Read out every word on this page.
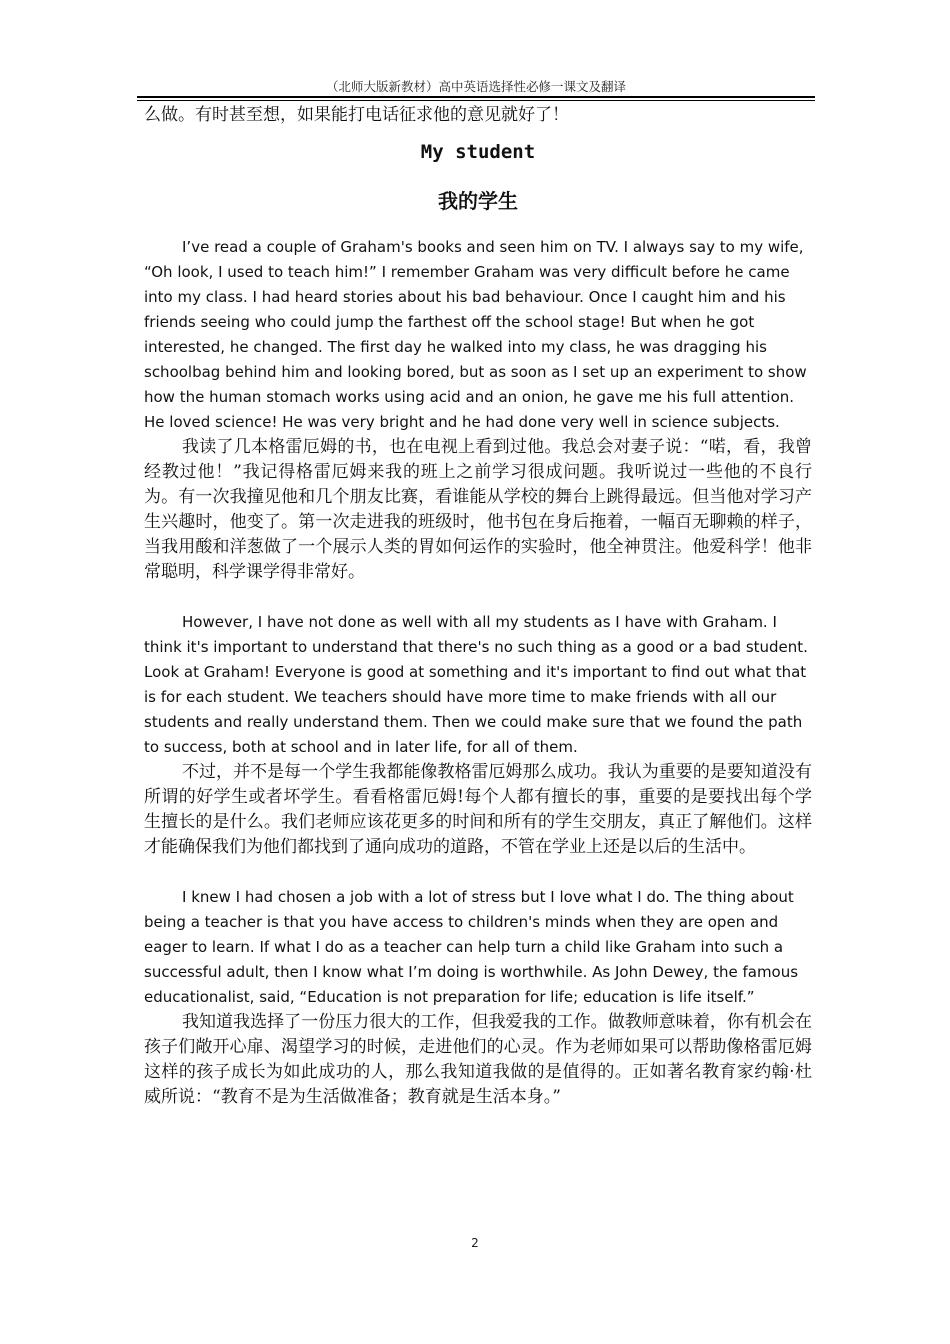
（北师大版新教材）高中英语选择性必修一课文及翻译

么做。有时甚至想，如果能打电话征求他的意见就好了！

My student
我的学生

I’ve read a couple of Graham's books and seen him on TV. I always say to my wife, “Oh look, I used to teach him!” I remember Graham was very difficult before he came into my class. I had heard stories about his bad behaviour. Once I caught him and his friends seeing who could jump the farthest off the school stage! But when he got interested, he changed. The first day he walked into my class, he was dragging his schoolbag behind him and looking bored, but as soon as I set up an experiment to show how the human stomach works using acid and an onion, he gave me his full attention. He loved science! He was very bright and he had done very well in science subjects.

我读了几本格雷厄姆的书，也在电视上看到过他。我总会对妻子说：“喏，看，我曾经教过他！”我记得格雷厄姆来我的班上之前学习很成问题。我听说过一些他的不良行为。有一次我撞见他和几个朋友比赛，看谁能从学校的舞台上跳得最远。但当他对学习产生兴趣时，他变了。第一次走进我的班级时，他书包在身后拖着，一幅百无聊赖的样子，当我用酸和洋葱做了一个展示人类的胃如何运作的实验时，他全神贯注。他爱科学！他非常聪明，科学课学得非常好。

However, I have not done as well with all my students as I have with Graham. I think it's important to understand that there's no such thing as a good or a bad student. Look at Graham! Everyone is good at something and it's important to find out what that is for each student. We teachers should have more time to make friends with all our students and really understand them. Then we could make sure that we found the path to success, both at school and in later life, for all of them.

不过，并不是每一个学生我都能像教格雷厄姆那么成功。我认为重要的是要知道没有所谓的好学生或者坏学生。看看格雷厄姆!每个人都有擅长的事，重要的是要找出每个学生擅长的是什么。我们老师应该花更多的时间和所有的学生交朋友，真正了解他们。这样才能确保我们为他们都找到了通向成功的道路，不管在学业上还是以后的生活中。

I knew I had chosen a job with a lot of stress but I love what I do. The thing about being a teacher is that you have access to children's minds when they are open and eager to learn. If what I do as a teacher can help turn a child like Graham into such a successful adult, then I know what I’m doing is worthwhile. As John Dewey, the famous educationalist, said, “Education is not preparation for life; education is life itself.”

我知道我选择了一份压力很大的工作，但我爱我的工作。做教师意味着，你有机会在孩子们敞开心扉、渴望学习的时候，走进他们的心灵。作为老师如果可以帮助像格雷厄姆这样的孩子成长为如此成功的人，那么我知道我做的是值得的。正如著名教育家约翰·杜威所说：“教育不是为生活做准备；教育就是生活本身。”

2
